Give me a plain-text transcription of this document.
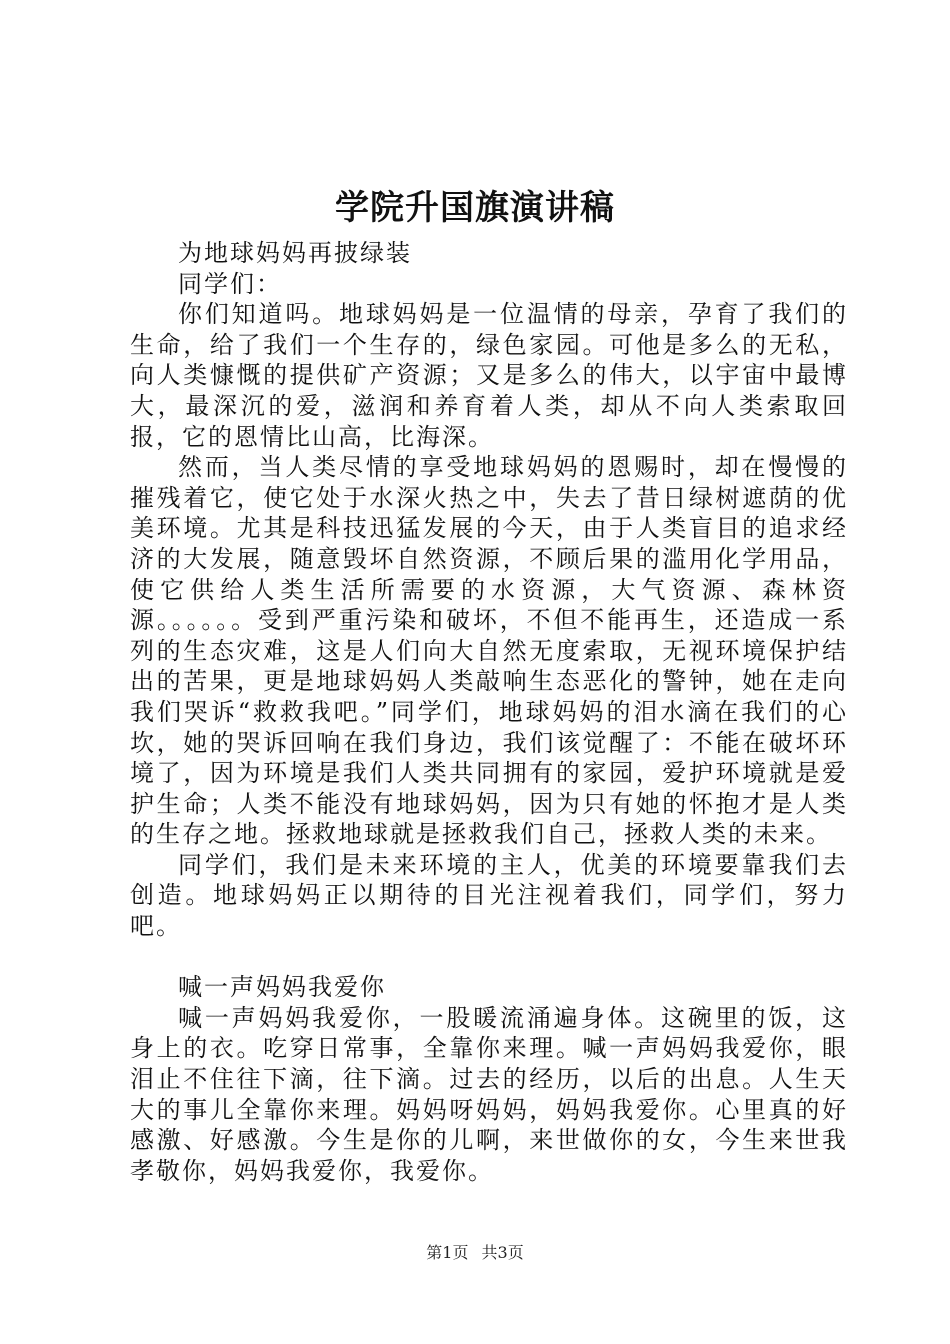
学院升国旗演讲稿

为地球妈妈再披绿装

同学们：

你们知道吗。地球妈妈是一位温情的母亲，孕育了我们的生命，给了我们一个生存的，绿色家园。可他是多么的无私，向人类慷慨的提供矿产资源；又是多么的伟大，以宇宙中最博大，最深沉的爱，滋润和养育着人类，却从不向人类索取回报，它的恩情比山高，比海深。

然而，当人类尽情的享受地球妈妈的恩赐时，却在慢慢的摧残着它，使它处于水深火热之中，失去了昔日绿树遮荫的优美环境。尤其是科技迅猛发展的今天，由于人类盲目的追求经济的大发展，随意毁坏自然资源，不顾后果的滥用化学用品，使它供给人类生活所需要的水资源，大气资源、森林资源。。。。。。受到严重污染和破坏，不但不能再生，还造成一系列的生态灾难，这是人们向大自然无度索取，无视环境保护结出的苦果，更是地球妈妈人类敲响生态恶化的警钟，她在走向我们哭诉“救救我吧。”同学们，地球妈妈的泪水滴在我们的心坎，她的哭诉回响在我们身边，我们该觉醒了：不能在破坏环境了，因为环境是我们人类共同拥有的家园，爱护环境就是爱护生命；人类不能没有地球妈妈，因为只有她的怀抱才是人类的生存之地。拯救地球就是拯救我们自己，拯救人类的未来。

同学们，我们是未来环境的主人，优美的环境要靠我们去创造。地球妈妈正以期待的目光注视着我们，同学们，努力吧。

喊一声妈妈我爱你

喊一声妈妈我爱你，一股暖流涌遍身体。这碗里的饭，这身上的衣。吃穿日常事，全靠你来理。喊一声妈妈我爱你，眼泪止不住往下滴，往下滴。过去的经历，以后的出息。人生天大的事儿全靠你来理。妈妈呀妈妈，妈妈我爱你。心里真的好感激、好感激。今生是你的儿啊，来世做你的女，今生来世我孝敬你，妈妈我爱你，我爱你。

第1页 共3页
